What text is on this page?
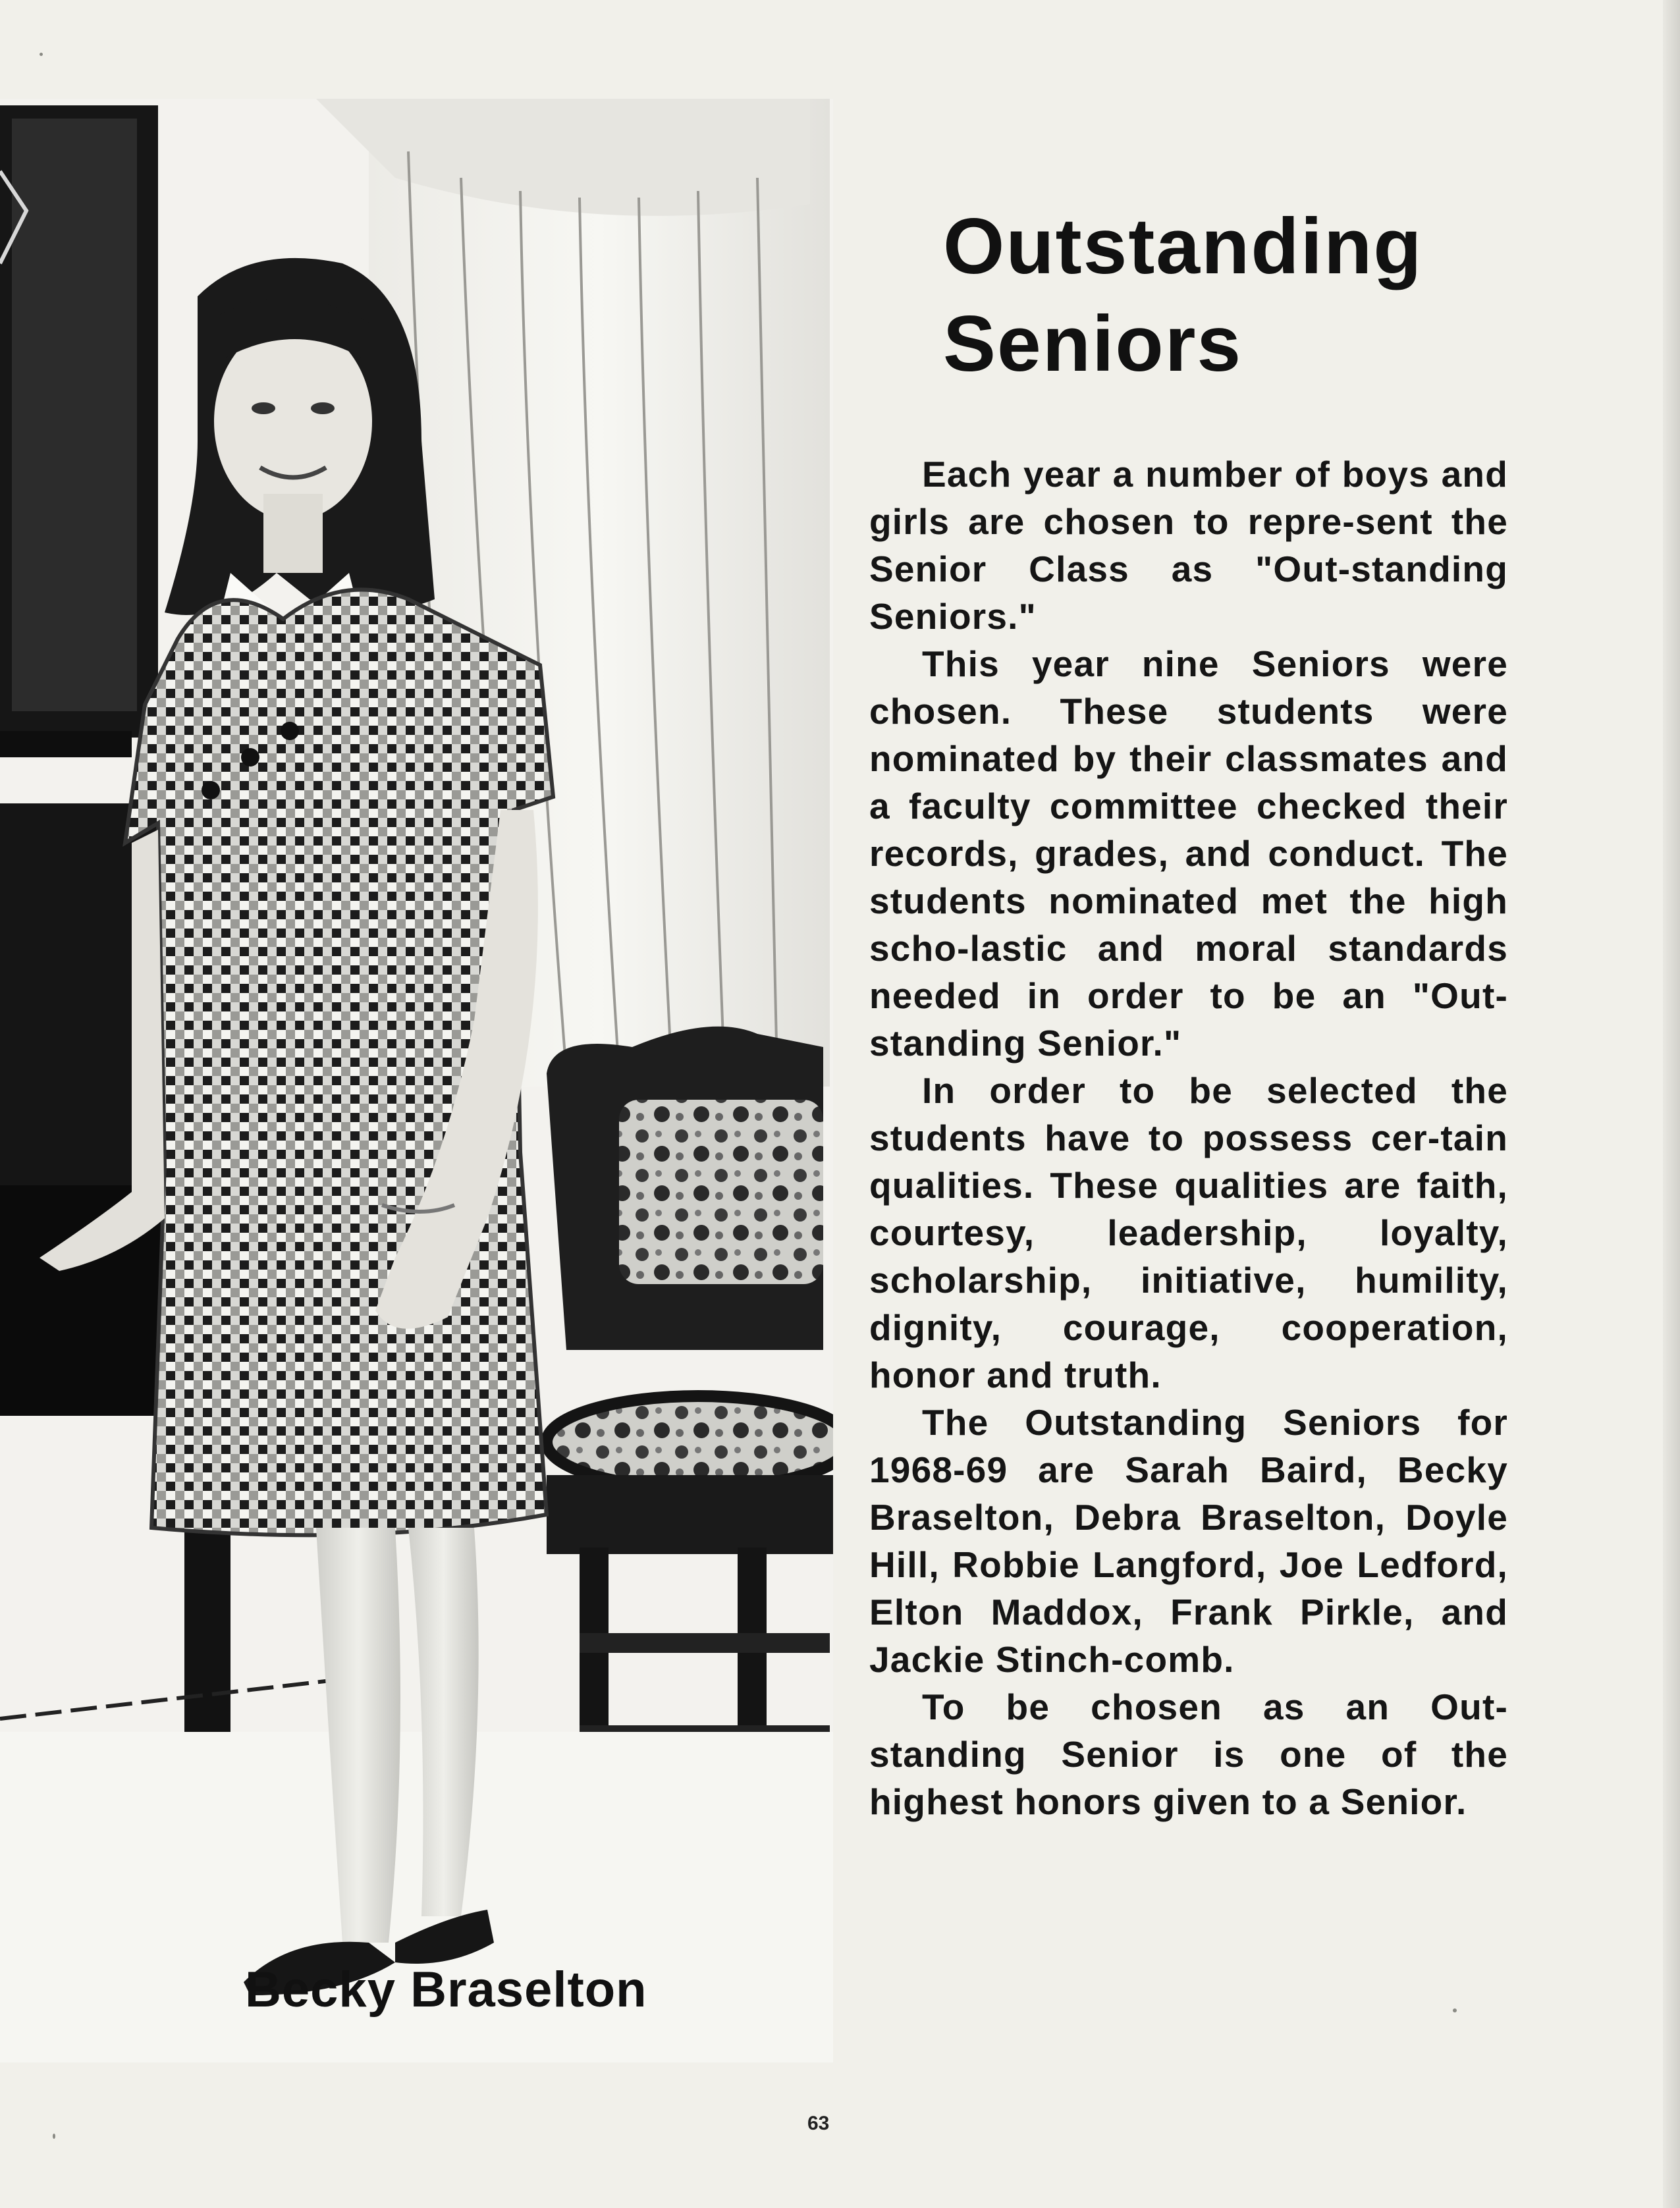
Becky Braselton
Outstanding
Seniors

Each year a number of boys and girls are chosen to repre-sent the Senior Class as "Out-standing Seniors."

This year nine Seniors were chosen. These students were nominated by their classmates and a faculty committee checked their records, grades, and conduct. The students nominated met the high scho-lastic and moral standards needed in order to be an "Out-standing Senior."

In order to be selected the students have to possess cer-tain qualities. These qualities are faith, courtesy, leadership, loyalty, scholarship, initiative, humility, dignity, courage, cooperation, honor and truth.

The Outstanding Seniors for 1968-69 are Sarah Baird, Becky Braselton, Debra Braselton, Doyle Hill, Robbie Langford, Joe Ledford, Elton Maddox, Frank Pirkle, and Jackie Stinch-comb.

To be chosen as an Out-standing Senior is one of the highest honors given to a Senior.

63
